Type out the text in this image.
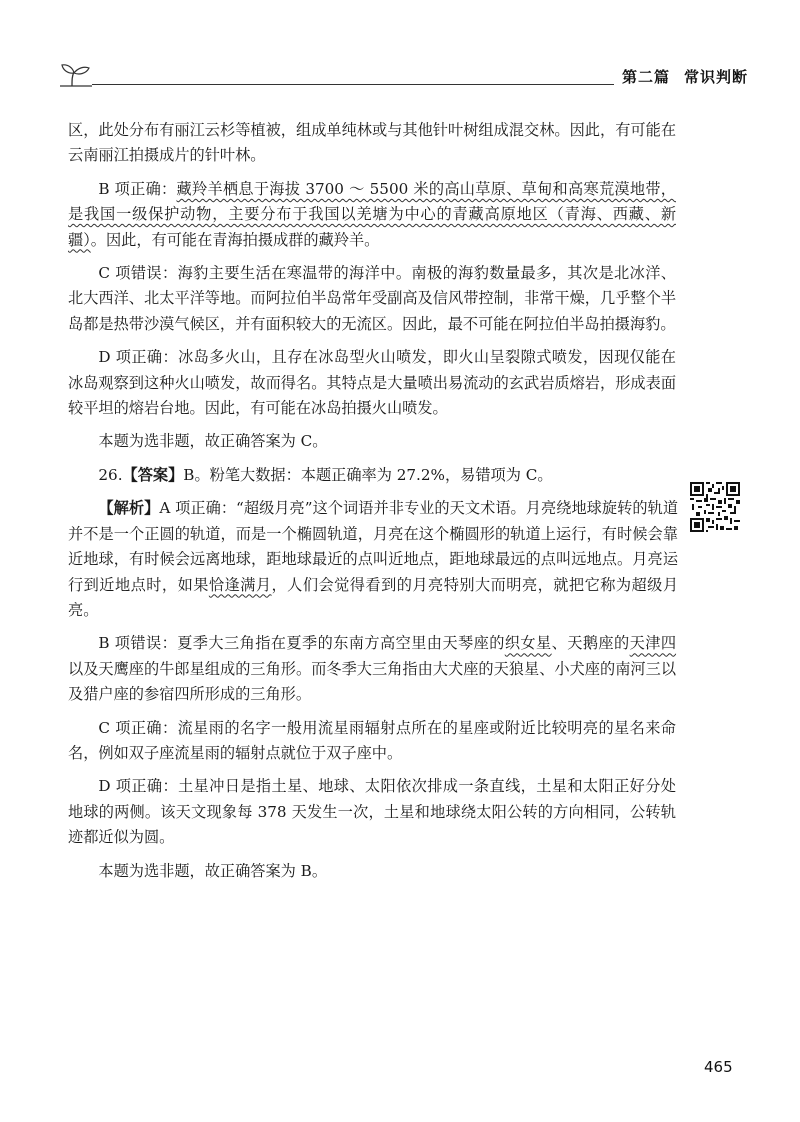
第二篇 常识判断

区，此处分布有丽江云杉等植被，组成单纯林或与其他针叶树组成混交林。因此，有可能在云南丽江拍摄成片的针叶林。

B 项正确：藏羚羊栖息于海拔 3700 ～ 5500 米的高山草原、草甸和高寒荒漠地带，是我国一级保护动物，主要分布于我国以羌塘为中心的青藏高原地区（青海、西藏、新疆）。因此，有可能在青海拍摄成群的藏羚羊。

C 项错误：海豹主要生活在寒温带的海洋中。南极的海豹数量最多，其次是北冰洋、北大西洋、北太平洋等地。而阿拉伯半岛常年受副高及信风带控制，非常干燥，几乎整个半岛都是热带沙漠气候区，并有面积较大的无流区。因此，最不可能在阿拉伯半岛拍摄海豹。

D 项正确：冰岛多火山，且存在冰岛型火山喷发，即火山呈裂隙式喷发，因现仅能在冰岛观察到这种火山喷发，故而得名。其特点是大量喷出易流动的玄武岩质熔岩，形成表面较平坦的熔岩台地。因此，有可能在冰岛拍摄火山喷发。

本题为选非题，故正确答案为 C。

26.【答案】B。粉笔大数据：本题正确率为 27.2%，易错项为 C。

【解析】A 项正确：“超级月亮”这个词语并非专业的天文术语。月亮绕地球旋转的轨道并不是一个正圆的轨道，而是一个椭圆轨道，月亮在这个椭圆形的轨道上运行，有时候会靠近地球，有时候会远离地球，距地球最近的点叫近地点，距地球最远的点叫远地点。月亮运行到近地点时，如果恰逢满月，人们会觉得看到的月亮特别大而明亮，就把它称为超级月亮。

B 项错误：夏季大三角指在夏季的东南方高空里由天琴座的织女星、天鹅座的天津四以及天鹰座的牛郎星组成的三角形。而冬季大三角指由大犬座的天狼星、小犬座的南河三以及猎户座的参宿四所形成的三角形。

C 项正确：流星雨的名字一般用流星雨辐射点所在的星座或附近比较明亮的星名来命名，例如双子座流星雨的辐射点就位于双子座中。

D 项正确：土星冲日是指土星、地球、太阳依次排成一条直线，土星和太阳正好分处地球的两侧。该天文现象每 378 天发生一次，土星和地球绕太阳公转的方向相同，公转轨迹都近似为圆。

本题为选非题，故正确答案为 B。

465
